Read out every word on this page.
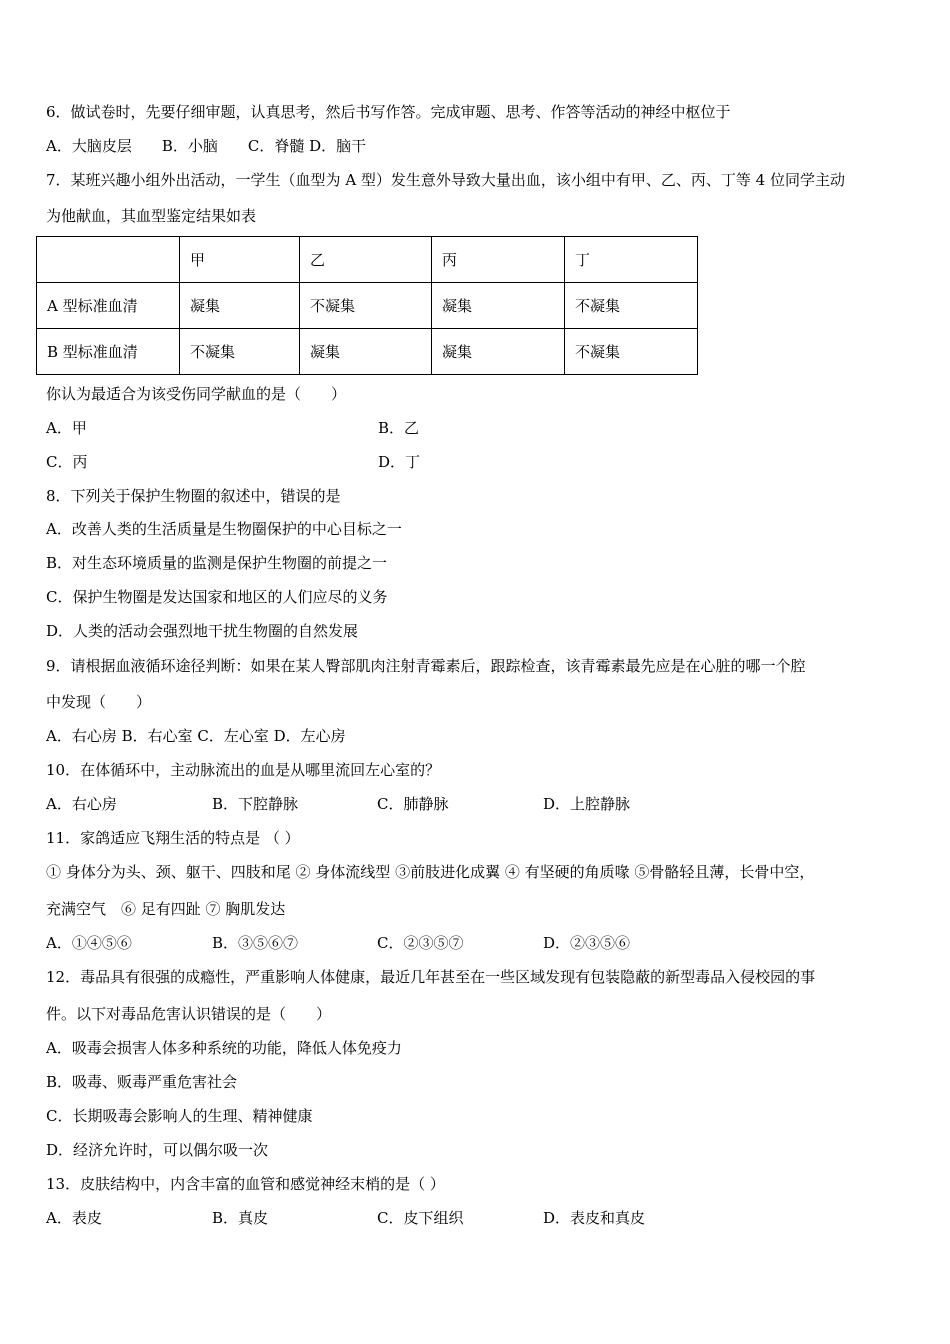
6．做试卷时，先要仔细审题，认真思考，然后书写作答。完成审题、思考、作答等活动的神经中枢位于
A．大脑皮层　　B．小脑　　C．脊髓 D．脑干
7．某班兴趣小组外出活动，一学生（血型为 A 型）发生意外导致大量出血，该小组中有甲、乙、丙、丁等 4 位同学主动
为他献血，其血型鉴定结果如表
	甲	乙	丙	丁
A 型标准血清	凝集	不凝集	凝集	不凝集
B 型标准血清	不凝集	凝集	凝集	不凝集
你认为最适合为该受伤同学献血的是（　　）
A．甲	B．乙
C．丙	D．丁
8．下列关于保护生物圈的叙述中，错误的是
A．改善人类的生活质量是生物圈保护的中心目标之一
B．对生态环境质量的监测是保护生物圈的前提之一
C．保护生物圈是发达国家和地区的人们应尽的义务
D．人类的活动会强烈地干扰生物圈的自然发展
9．请根据血液循环途径判断：如果在某人臀部肌肉注射青霉素后，跟踪检查，该青霉素最先应是在心脏的哪一个腔
中发现（　　）
A．右心房 B．右心室 C．左心室 D．左心房
10．在体循环中，主动脉流出的血是从哪里流回左心室的？
A．右心房	B．下腔静脉	C．肺静脉	D．上腔静脉
11．家鸽适应飞翔生活的特点是 （ ）
① 身体分为头、颈、躯干、四肢和尾 ② 身体流线型 ③前肢进化成翼 ④ 有坚硬的角质喙 ⑤骨骼轻且薄，长骨中空，
充满空气　⑥ 足有四趾 ⑦ 胸肌发达
A．①④⑤⑥	B．③⑤⑥⑦	C．②③⑤⑦	D．②③⑤⑥
12．毒品具有很强的成瘾性，严重影响人体健康，最近几年甚至在一些区域发现有包装隐蔽的新型毒品入侵校园的事
件。以下对毒品危害认识错误的是（　　）
A．吸毒会损害人体多种系统的功能，降低人体免疫力
B．吸毒、贩毒严重危害社会
C．长期吸毒会影响人的生理、精神健康
D．经济允许时，可以偶尔吸一次
13．皮肤结构中，内含丰富的血管和感觉神经末梢的是（ ）
A．表皮	B．真皮	C．皮下组织	D．表皮和真皮
